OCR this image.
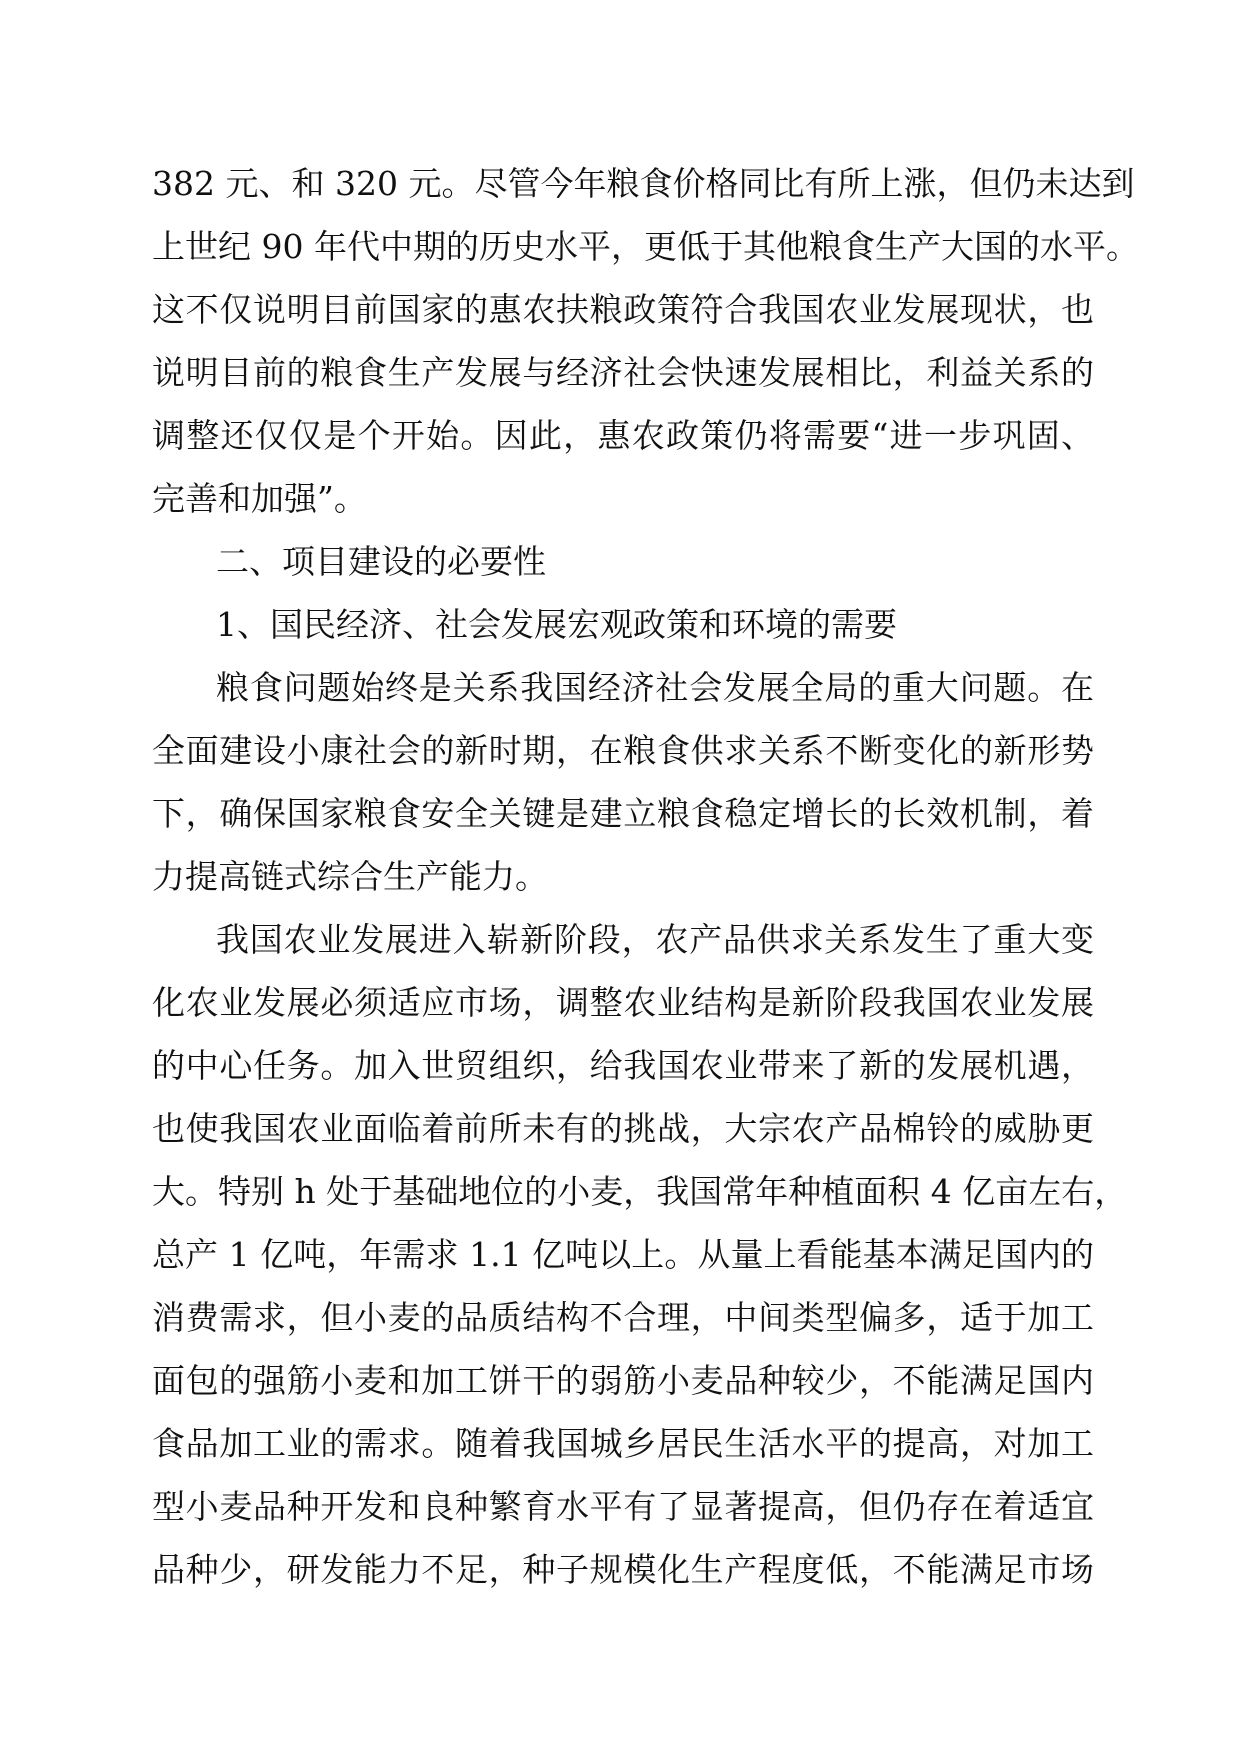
382 元、和 320 元。尽管今年粮食价格同比有所上涨，但仍未达到
上世纪 90 年代中期的历史水平，更低于其他粮食生产大国的水平。
这不仅说明目前国家的惠农扶粮政策符合我国农业发展现状，也
说明目前的粮食生产发展与经济社会快速发展相比，利益关系的
调整还仅仅是个开始。因此，惠农政策仍将需要“进一步巩固、
完善和加强”。
二、项目建设的必要性
1、国民经济、社会发展宏观政策和环境的需要
粮食问题始终是关系我国经济社会发展全局的重大问题。在
全面建设小康社会的新时期，在粮食供求关系不断变化的新形势
下，确保国家粮食安全关键是建立粮食稳定增长的长效机制，着
力提高链式综合生产能力。
我国农业发展进入崭新阶段，农产品供求关系发生了重大变
化农业发展必须适应市场，调整农业结构是新阶段我国农业发展
的中心任务。加入世贸组织，给我国农业带来了新的发展机遇，
也使我国农业面临着前所未有的挑战，大宗农产品棉铃的威胁更
大。特别 h 处于基础地位的小麦，我国常年种植面积 4 亿亩左右，
总产 1 亿吨，年需求 1.1 亿吨以上。从量上看能基本满足国内的
消费需求，但小麦的品质结构不合理，中间类型偏多，适于加工
面包的强筋小麦和加工饼干的弱筋小麦品种较少，不能满足国内
食品加工业的需求。随着我国城乡居民生活水平的提高，对加工
型小麦品种开发和良种繁育水平有了显著提高，但仍存在着适宜
品种少，研发能力不足，种子规模化生产程度低，不能满足市场
